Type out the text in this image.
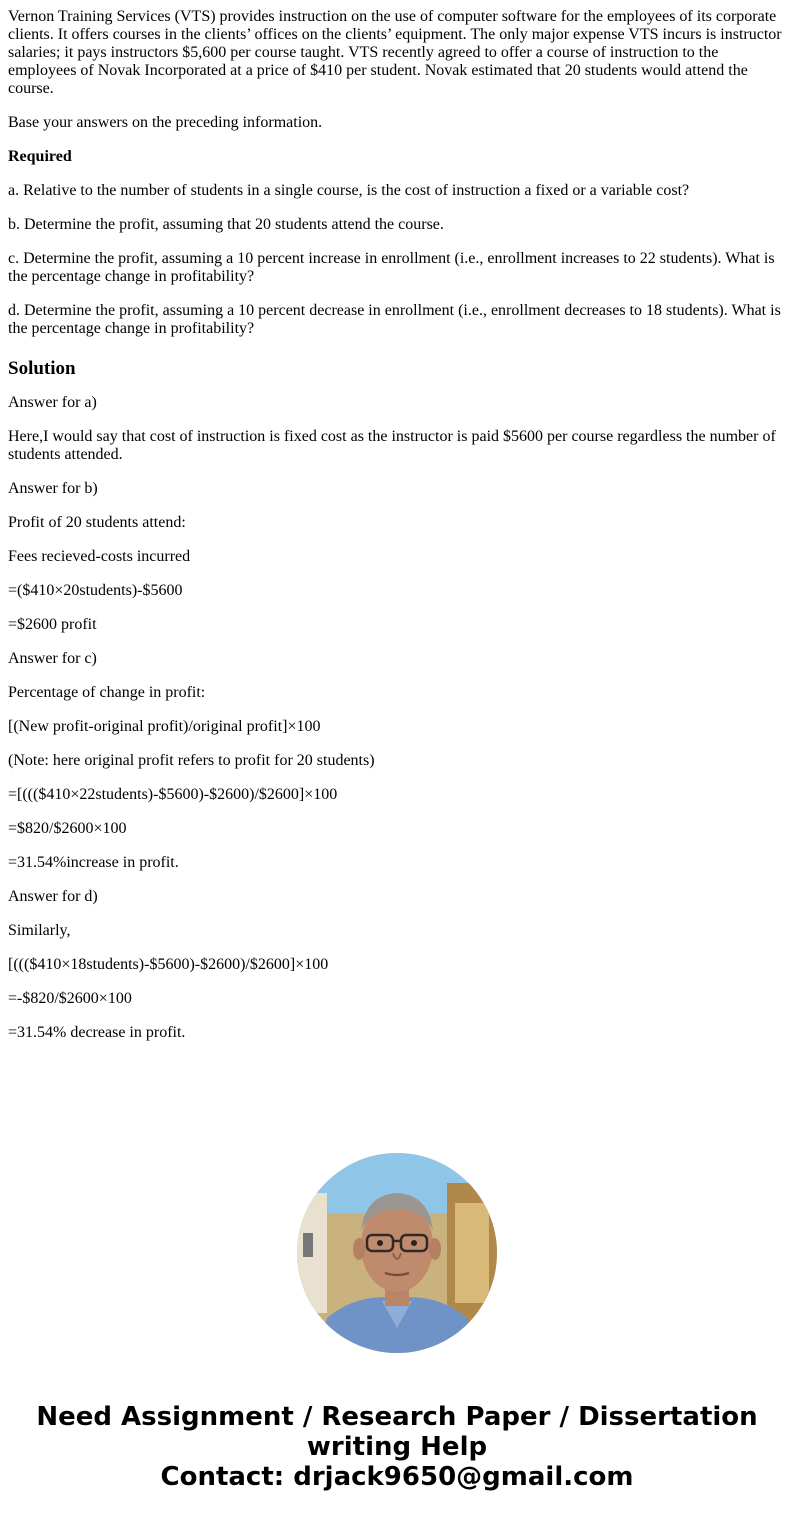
Vernon Training Services (VTS) provides instruction on the use of computer software for the employees of its corporate clients. It offers courses in the clients’ offices on the clients’ equipment. The only major expense VTS incurs is instructor salaries; it pays instructors $5,600 per course taught. VTS recently agreed to offer a course of instruction to the employees of Novak Incorporated at a price of $410 per student. Novak estimated that 20 students would attend the course.

Base your answers on the preceding information.

Required

a. Relative to the number of students in a single course, is the cost of instruction a fixed or a variable cost?

b. Determine the profit, assuming that 20 students attend the course.

c. Determine the profit, assuming a 10 percent increase in enrollment (i.e., enrollment increases to 22 students). What is the percentage change in profitability?

d. Determine the profit, assuming a 10 percent decrease in enrollment (i.e., enrollment decreases to 18 students). What is the percentage change in profitability?

Solution

Answer for a)

Here,I would say that cost of instruction is fixed cost as the instructor is paid $5600 per course regardless the number of students attended.

Answer for b)

Profit of 20 students attend:

Fees recieved-costs incurred

=($410×20students)-$5600

=$2600 profit

Answer for c)

Percentage of change in profit:

[(New profit-original profit)/original profit]×100

(Note: here original profit refers to profit for 20 students)

=[((($410×22students)-$5600)-$2600)/$2600]×100

=$820/$2600×100

=31.54%increase in profit.

Answer for d)

Similarly,

[((($410×18students)-$5600)-$2600)/$2600]×100

=-$820/$2600×100

=31.54% decrease in profit.

Need Assignment / Research Paper / Dissertation
writing Help
Contact: drjack9650@gmail.com
